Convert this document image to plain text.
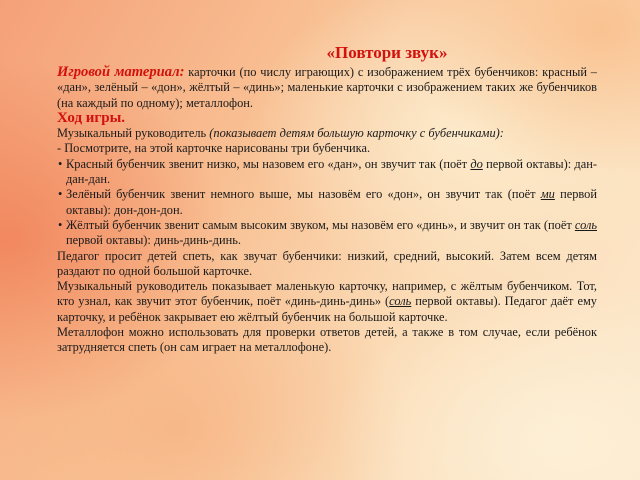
«Повтори звук»

Игровой материал: карточки (по числу играющих) с изображением трёх бубенчиков: красный – «дан», зелёный – «дон», жёлтый – «динь»; маленькие карточки с изображением таких же бубенчиков (на каждый по одному); металлофон.

Ход игры.

Музыкальный руководитель (показывает детям большую карточку с бубенчиками):

- Посмотрите, на этой карточке нарисованы три бубенчика.

• Красный бубенчик звенит низко, мы назовем его «дан», он звучит так (поёт до первой октавы): дан-дан-дан.

• Зелёный бубенчик звенит немного выше, мы назовём его «дон», он звучит так (поёт ми первой октавы): дон-дон-дон.

• Жёлтый бубенчик звенит самым высоким звуком, мы назовём его «динь», и звучит он так (поёт соль первой октавы): динь-динь-динь.

Педагог просит детей спеть, как звучат бубенчики: низкий, средний, высокий. Затем всем детям раздают по одной большой карточке.

Музыкальный руководитель показывает маленькую карточку, например, с жёлтым бубенчиком. Тот, кто узнал, как звучит этот бубенчик, поёт «динь-динь-динь» (соль первой октавы). Педагог даёт ему карточку, и ребёнок закрывает ею жёлтый бубенчик на большой карточке.

Металлофон можно использовать для проверки ответов детей, а также в том случае, если ребёнок затрудняется спеть (он сам играет на металлофоне).
